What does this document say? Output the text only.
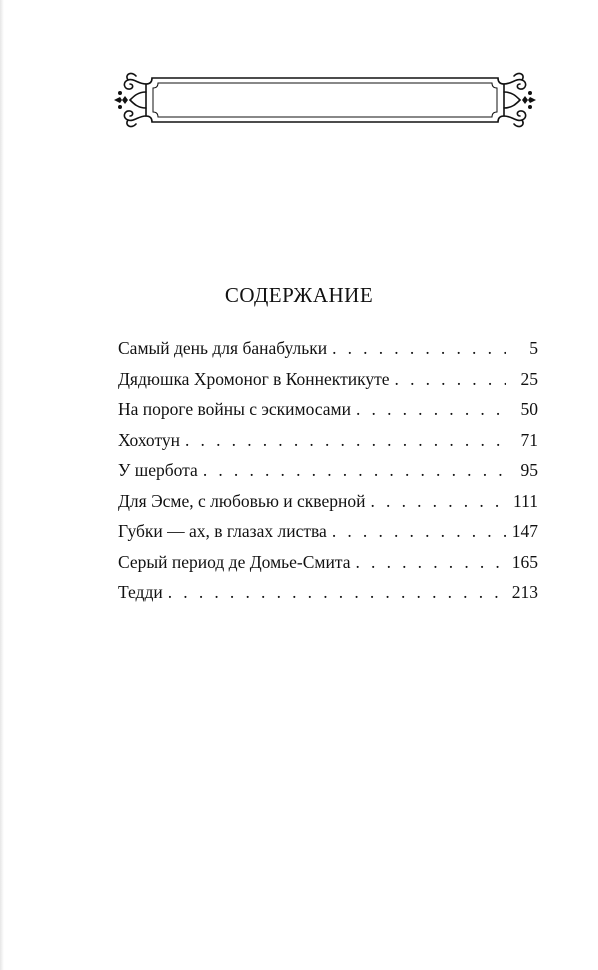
СОДЕРЖАНИЕ
Самый день для банабульки . . .	5
Дядюшка Хромоног в Коннектикуте . . .	25
На пороге войны с эскимосами . . .	50
Хохотун . . .	71
У шербота . . .	95
Для Эсме, с любовью и скверной . . .	111
Губки — ах, в глазах листва . . .	147
Серый период де Домье-Смита . . .	165
Тедди . . .	213
